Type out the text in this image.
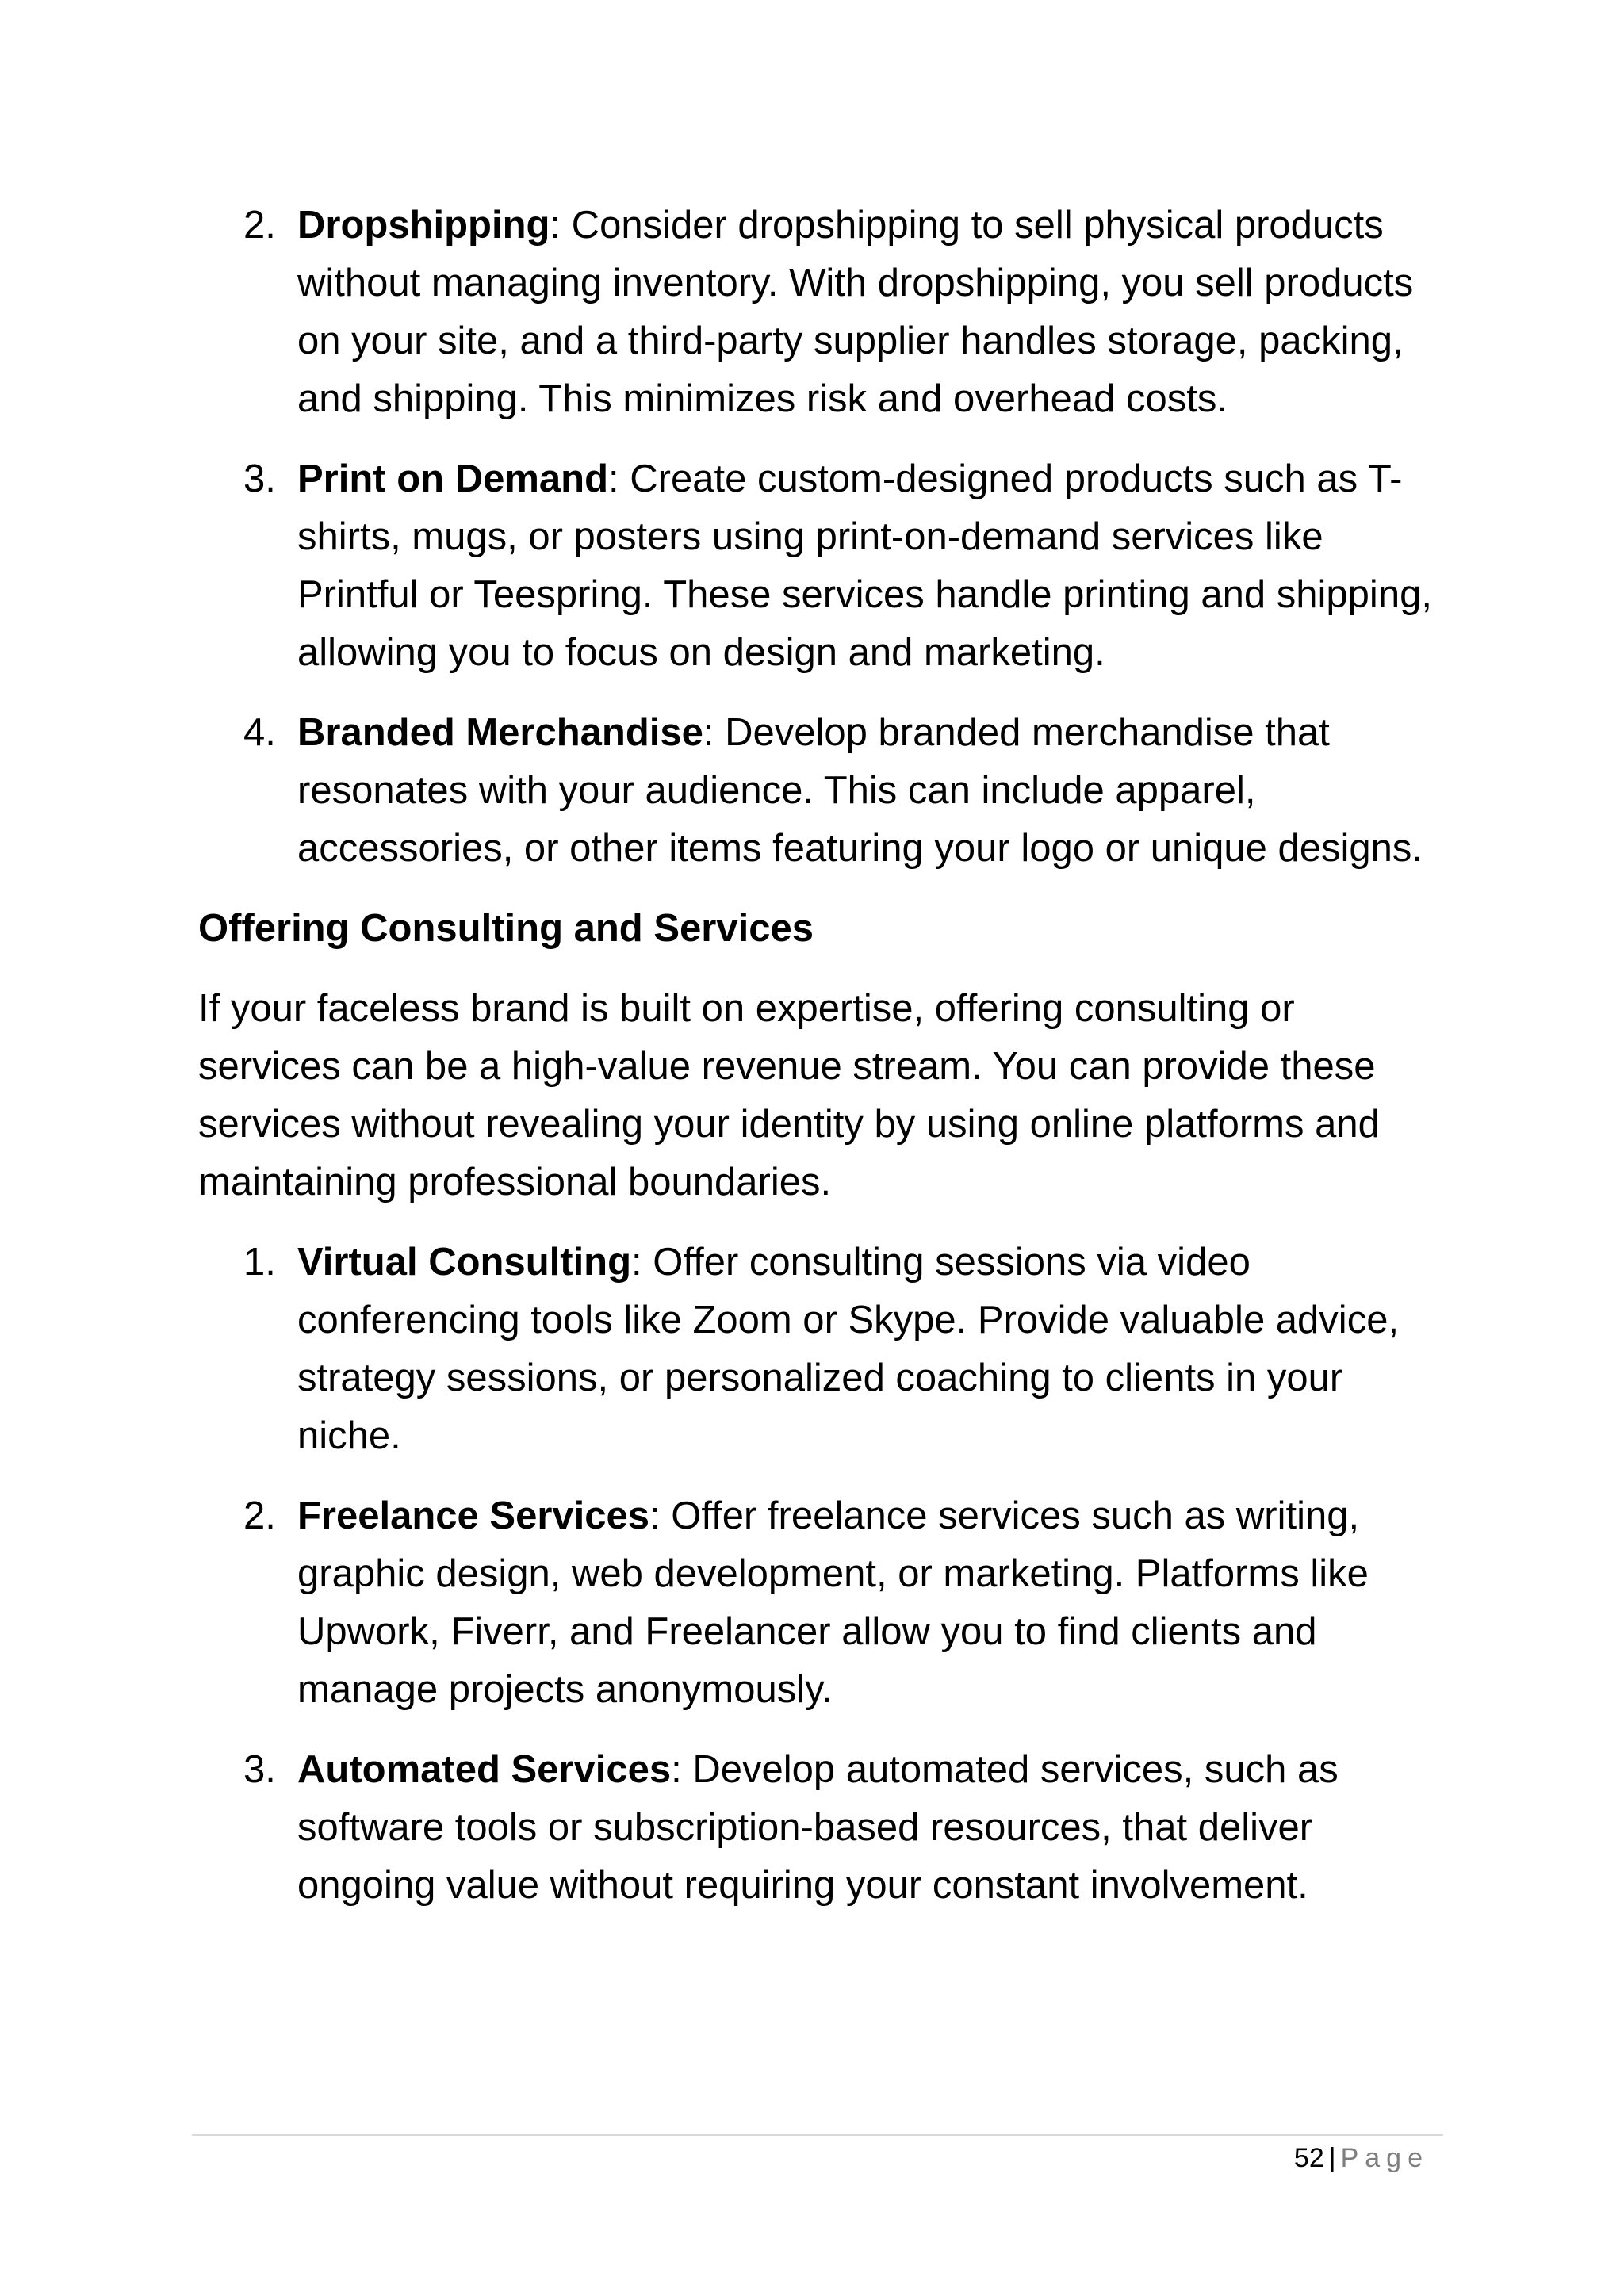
2. Dropshipping: Consider dropshipping to sell physical products without managing inventory. With dropshipping, you sell products on your site, and a third-party supplier handles storage, packing, and shipping. This minimizes risk and overhead costs.
3. Print on Demand: Create custom-designed products such as T-shirts, mugs, or posters using print-on-demand services like Printful or Teespring. These services handle printing and shipping, allowing you to focus on design and marketing.
4. Branded Merchandise: Develop branded merchandise that resonates with your audience. This can include apparel, accessories, or other items featuring your logo or unique designs.
Offering Consulting and Services
If your faceless brand is built on expertise, offering consulting or services can be a high-value revenue stream. You can provide these services without revealing your identity by using online platforms and maintaining professional boundaries.
1. Virtual Consulting: Offer consulting sessions via video conferencing tools like Zoom or Skype. Provide valuable advice, strategy sessions, or personalized coaching to clients in your niche.
2. Freelance Services: Offer freelance services such as writing, graphic design, web development, or marketing. Platforms like Upwork, Fiverr, and Freelancer allow you to find clients and manage projects anonymously.
3. Automated Services: Develop automated services, such as software tools or subscription-based resources, that deliver ongoing value without requiring your constant involvement.
52 | Page
